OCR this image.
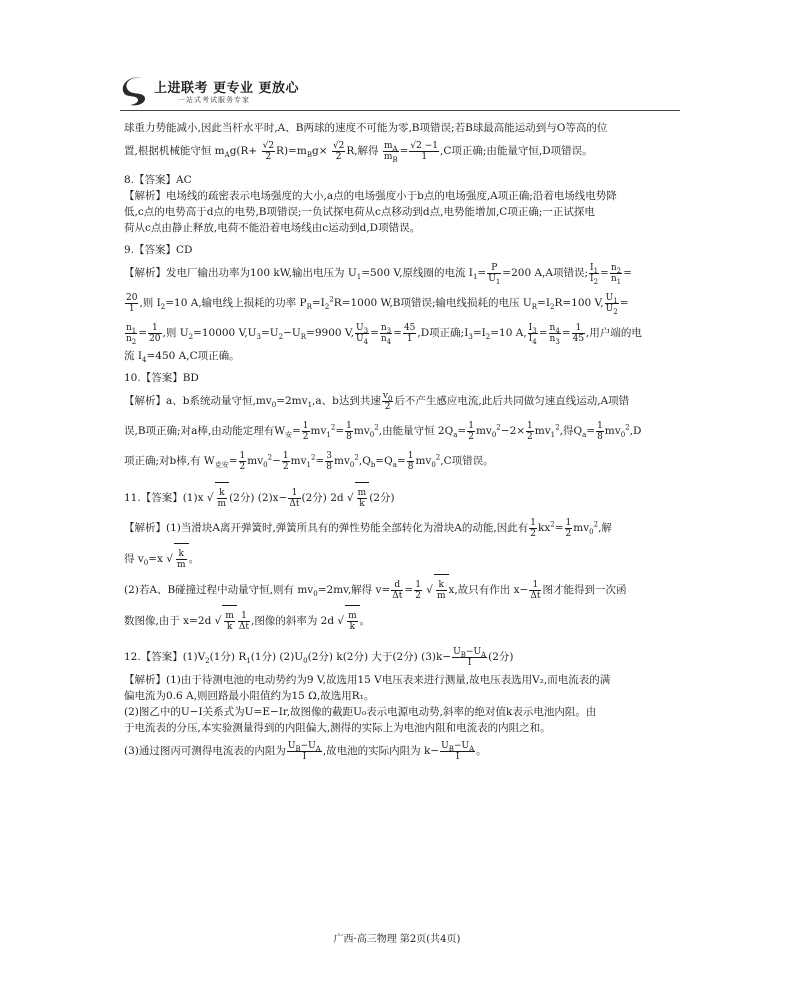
上进联考 更专业 更放心
一站式考试服务专家

球重力势能减小,因此当杆水平时,A、B两球的速度不可能为零,B项错误;若B球最高能运动到与O等高的位

置,根据机械能守恒 $m_Ag(R+ \frac{√2}{2} R)=m_Bg\times \frac{√2}{2} R$,解得 $\frac{m_A}{m_B} = \frac{√2 -1}{1} ,C$项正确;由能量守恒,D项错误。

8.【答案】AC

【解析】电场线的疏密表示电场强度的大小,a点的电场强度小于b点的电场强度,A项正确;沿着电场线电势降

低,c点的电势高于d点的电势,B项错误;一负试探电荷从c点移动到d点,电势能增加,C项正确;一正试探电

荷从c点由静止释放,电荷不能沿着电场线由c运动到d,D项错误。

9.【答案】CD

【解析】发电厂输出功率为100 kW,输出电压为 $U_1=500$ V,原线圈的电流 $I_1= \frac{P}{U_1} =200$ A,A项错误; $\frac{I_1}{I_2} = \frac{n_2}{n_1}$ =

$\frac{20}{1}$ ,则 $I_2=10$ A,输电线上损耗的功率 $P_R=I_2^2R=1000$ W,B项错误;输电线损耗的电压 $U_R=I_2R=100$ V, $\frac{U_1}{U_2}$ =

$\frac{n_1}{n_2} = \frac{1}{20}$ ,则 $U_2=10000$ $V,U_3=U_2-U_R=9900$ V, $\frac{U_3}{U_4} = \frac{n_3}{n_4} = \frac{45}{1} ,D$项正确$;I_3=I_2=10$ A, $\frac{I_3}{I_4} = \frac{n_4}{n_3} = \frac{1}{45}$ ,用户端的电

流 $I_4=450$ A,C项正确。

10.【答案】BD

【解析】a、b系统动量守恒$,mv_0=2mv_1,a$、b达到共速 $\frac{v_0}{2}$ 后不产生感应电流,此后共同做匀速直线运动,A项错

误,B项正确;对a棒,由动能定理有$W_安= \frac{1}{2} mv_1^2= \frac{1}{8} mv_0^2$,由能量守恒 $2Q_a= \frac{1}{2} mv_0^2-2\times \frac{1}{2} mv_1^2$,得$Q_a= \frac{1}{8} mv_0^2,D$

项正确;对b棒,有 $W_{克安}= \frac{1}{2} mv_0^2- \frac{1}{2} mv_1^2= \frac{3}{8} mv_0^2,Q_b=Q_a= \frac{1}{8} mv_0^2,C$项错误。

11.【答案】(1)x √ $\frac{k}{m} (2$分) $(2)x- \frac{1}{\Delta t} (2$分) 2d √ $\frac{m}{k} (2$分)

【解析】(1)当滑块A离开弹簧时,弹簧所具有的弹性势能全部转化为滑块A的动能,因此有 $\frac{1}{2} kx^2= \frac{1}{2} mv_0^2$,解

得 $v_0=x$ √ $\frac{k}{m}$ 。

(2)若A、B碰撞过程中动量守恒,则有 $mv_0=2mv$,解得 $v= \frac{d}{\Delta t} = \frac{1}{2}$ √ $\frac{k}{m} x$,故只有作出 $x- \frac{1}{\Delta t}$ 图才能得到一次函

数图像,由于 x=2d √ $\frac{m}{k} \frac{1}{\Delta t}$ ,图像的斜率为 2d √ $\frac{m}{k}$ 。

12.【答案】$(1)V_2(1$分) $R_1(1$分) $(2)U_0(2$分) k(2分) 大于(2分) $(3)k- \frac{U_B-U_A}{I} (2$分)

【解析】(1)由于待测电池的电动势约为9 V,故选用15 V电压表来进行测量,故电压表选用V₂,而电流表的满

偏电流为0.6 A,则回路最小阻值约为15 Ω,故选用R₁。

(2)图乙中的U−I关系式为U=E−Ir,故图像的截距U₀表示电源电动势,斜率的绝对值k表示电池内阻。由

于电流表的分压,本实验测量得到的内阻偏大,测得的实际上为电池内阻和电流表的内阻之和。

(3)通过图丙可测得电流表的内阻为 $\frac{U_B-U_A}{I}$ ,故电池的实际内阻为 $k- \frac{U_B-U_A}{I}$ 。

广西·高三物理 第2页(共4页)
